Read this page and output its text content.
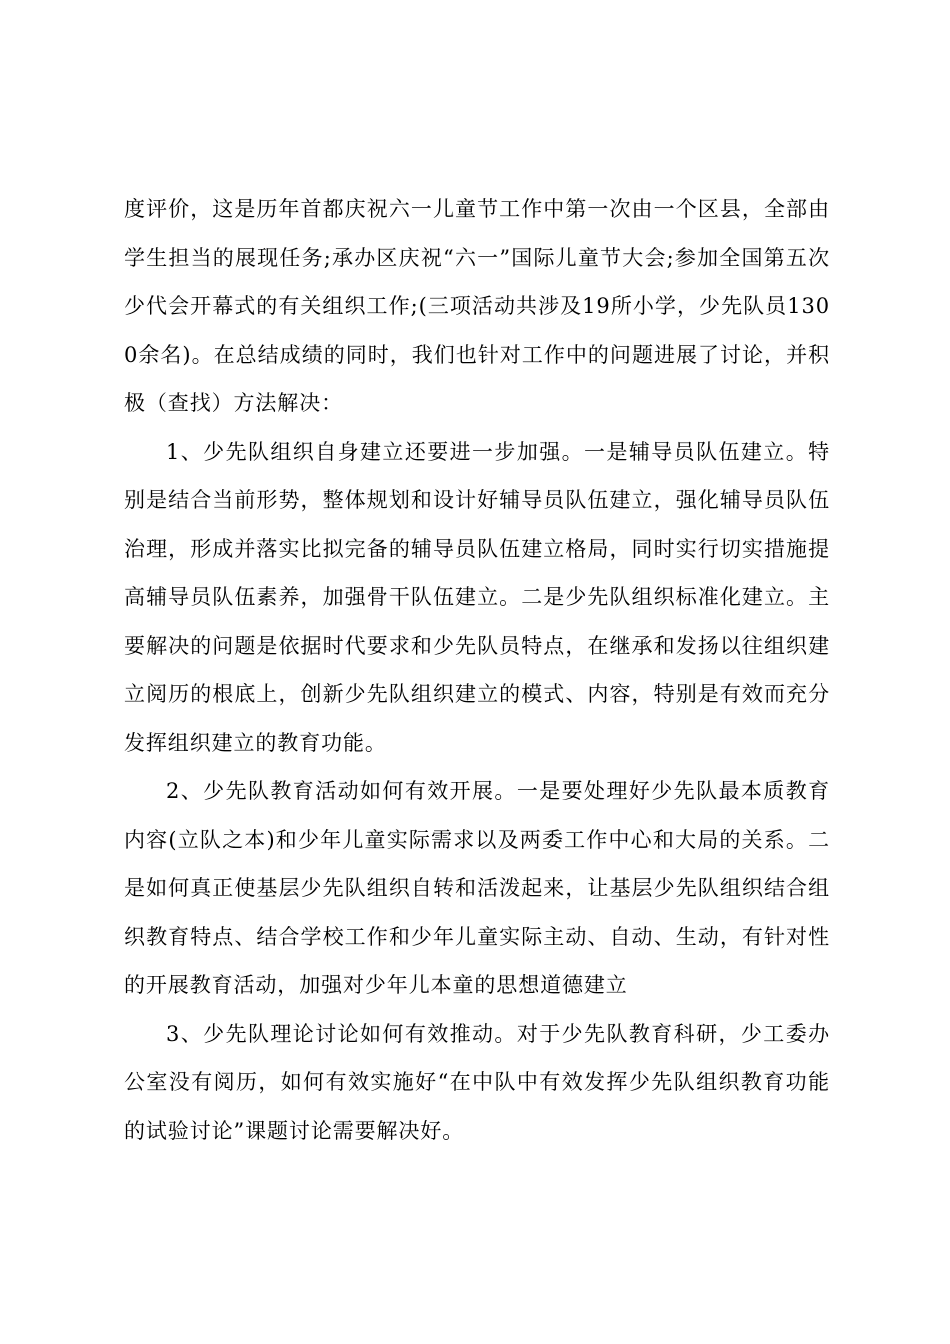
度评价，这是历年首都庆祝六一儿童节工作中第一次由一个区县，全部由学生担当的展现任务;承办区庆祝“六一”国际儿童节大会;参加全国第五次少代会开幕式的有关组织工作;(三项活动共涉及19所小学，少先队员1300余名)。在总结成绩的同时，我们也针对工作中的问题进展了讨论，并积极（查找）方法解决：

1、少先队组织自身建立还要进一步加强。一是辅导员队伍建立。特别是结合当前形势，整体规划和设计好辅导员队伍建立，强化辅导员队伍治理，形成并落实比拟完备的辅导员队伍建立格局，同时实行切实措施提高辅导员队伍素养，加强骨干队伍建立。二是少先队组织标准化建立。主要解决的问题是依据时代要求和少先队员特点，在继承和发扬以往组织建立阅历的根底上，创新少先队组织建立的模式、内容，特别是有效而充分发挥组织建立的教育功能。

2、少先队教育活动如何有效开展。一是要处理好少先队最本质教育内容(立队之本)和少年儿童实际需求以及两委工作中心和大局的关系。二是如何真正使基层少先队组织自转和活泼起来，让基层少先队组织结合组织教育特点、结合学校工作和少年儿童实际主动、自动、生动，有针对性的开展教育活动，加强对少年儿本童的思想道德建立

3、少先队理论讨论如何有效推动。对于少先队教育科研，少工委办公室没有阅历，如何有效实施好“在中队中有效发挥少先队组织教育功能的试验讨论”课题讨论需要解决好。
